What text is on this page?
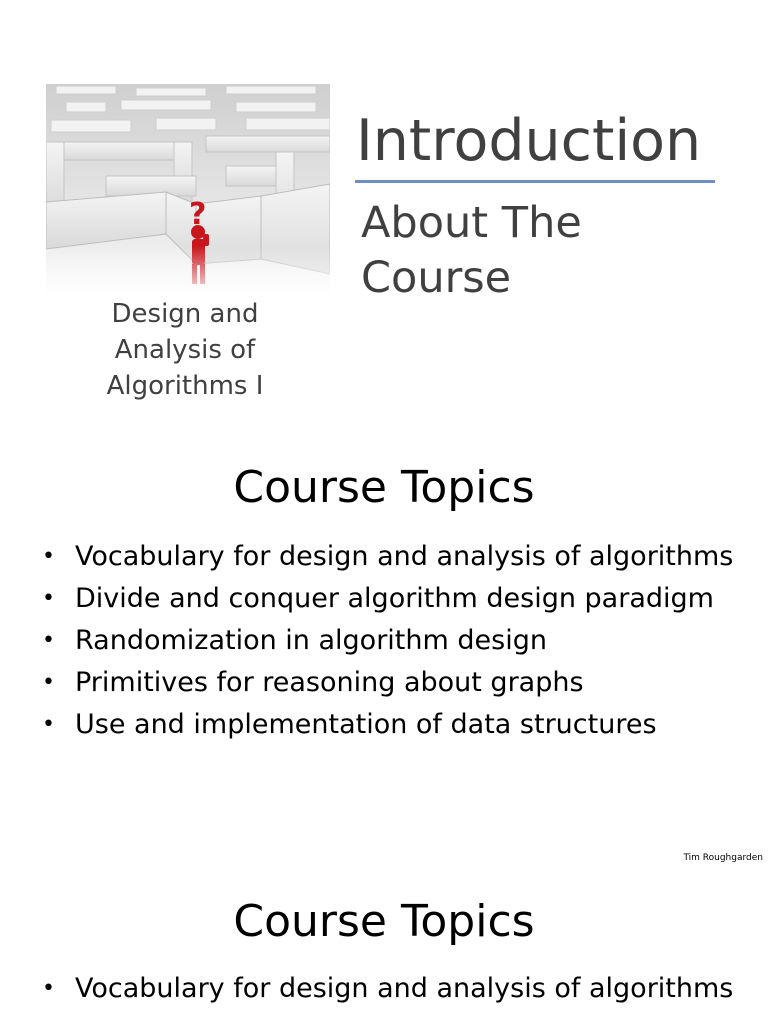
Design and Analysis of Algorithms I
Introduction
About The Course
Course Topics
• Vocabulary for design and analysis of algorithms
• Divide and conquer algorithm design paradigm
• Randomization in algorithm design
• Primitives for reasoning about graphs
• Use and implementation of data structures
Tim Roughgarden
Course Topics
• Vocabulary for design and analysis of algorithms
